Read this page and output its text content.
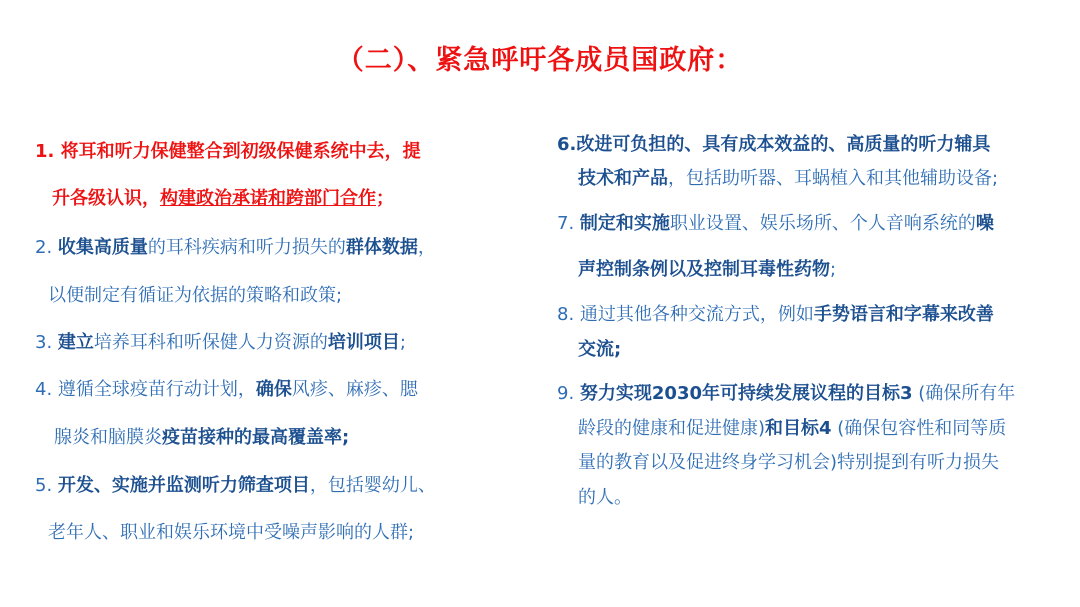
（二）、紧急呼吁各成员国政府：
1. 将耳和听力保健整合到初级保健系统中去，提
升各级认识，构建政治承诺和跨部门合作；
2. 收集高质量的耳科疾病和听力损失的群体数据，
以便制定有循证为依据的策略和政策;
3. 建立培养耳科和听保健人力资源的培训项目;
4. 遵循全球疫苗行动计划，确保风疹、麻疹、腮
腺炎和脑膜炎疫苗接种的最高覆盖率;
5. 开发、实施并监测听力筛查项目，包括婴幼儿、
老年人、职业和娱乐环境中受噪声影响的人群;
6.改进可负担的、具有成本效益的、高质量的听力辅具
技术和产品，包括助听器、耳蜗植入和其他辅助设备;
7. 制定和实施职业设置、娱乐场所、个人音响系统的噪
声控制条例以及控制耳毒性药物;
8. 通过其他各种交流方式，例如手势语言和字幕来改善
交流;
9. 努力实现2030年可持续发展议程的目标3 (确保所有年
龄段的健康和促进健康)和目标4 (确保包容性和同等质
量的教育以及促进终身学习机会)特别提到有听力损失
的人。
